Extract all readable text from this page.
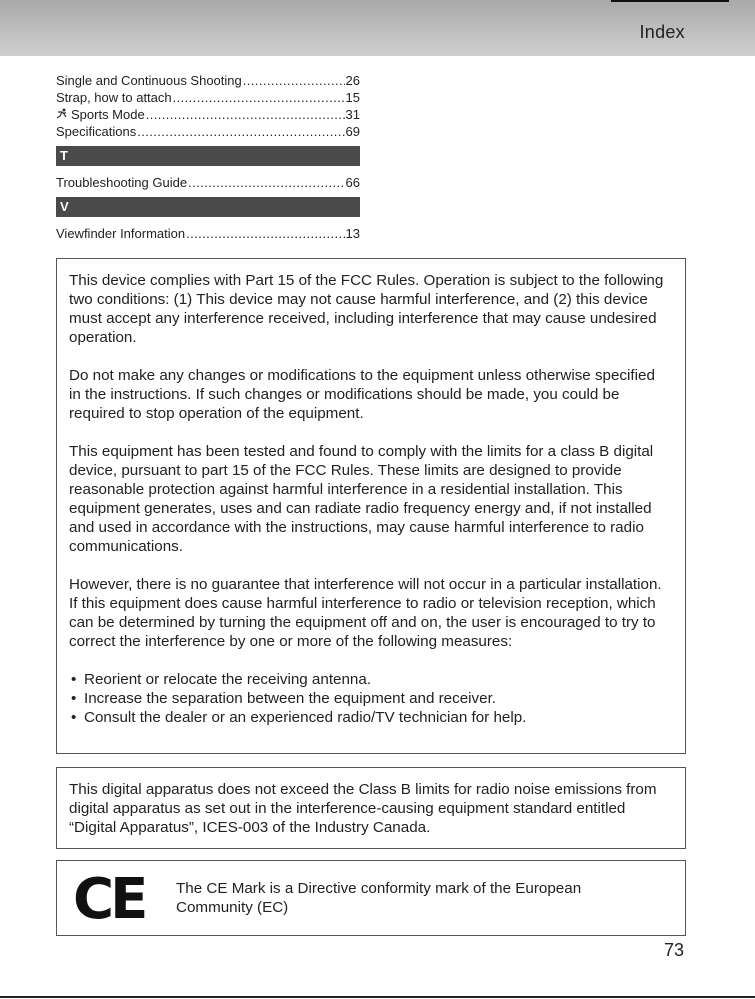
Index
Single and Continuous Shooting .....	26
Strap, how to attach .....	15
Sports Mode .....	31
Specifications .....	69
T
Troubleshooting Guide .....	66
V
Viewfinder Information .....	13

This device complies with Part 15 of the FCC Rules. Operation is subject to the following two conditions: (1) This device may not cause harmful interference, and (2) this device must accept any interference received, including interference that may cause undesired operation.

Do not make any changes or modifications to the equipment unless otherwise specified in the instructions. If such changes or modifications should be made, you could be required to stop operation of the equipment.

This equipment has been tested and found to comply with the limits for a class B digital device, pursuant to part 15 of the FCC Rules. These limits are designed to provide reasonable protection against harmful interference in a residential installation. This equipment generates, uses and can radiate radio frequency energy and, if not installed and used in accordance with the instructions, may cause harmful interference to radio communications.

However, there is no guarantee that interference will not occur in a particular installation. If this equipment does cause harmful interference to radio or television reception, which can be determined by turning the equipment off and on, the user is encouraged to try to correct the interference by one or more of the following measures:

• Reorient or relocate the receiving antenna.
• Increase the separation between the equipment and receiver.
• Consult the dealer or an experienced radio/TV technician for help.

This digital apparatus does not exceed the Class B limits for radio noise emissions from digital apparatus as set out in the interference-causing equipment standard entitled “Digital Apparatus”, ICES-003 of the Industry Canada.

CE The CE Mark is a Directive conformity mark of the European Community (EC)

73
